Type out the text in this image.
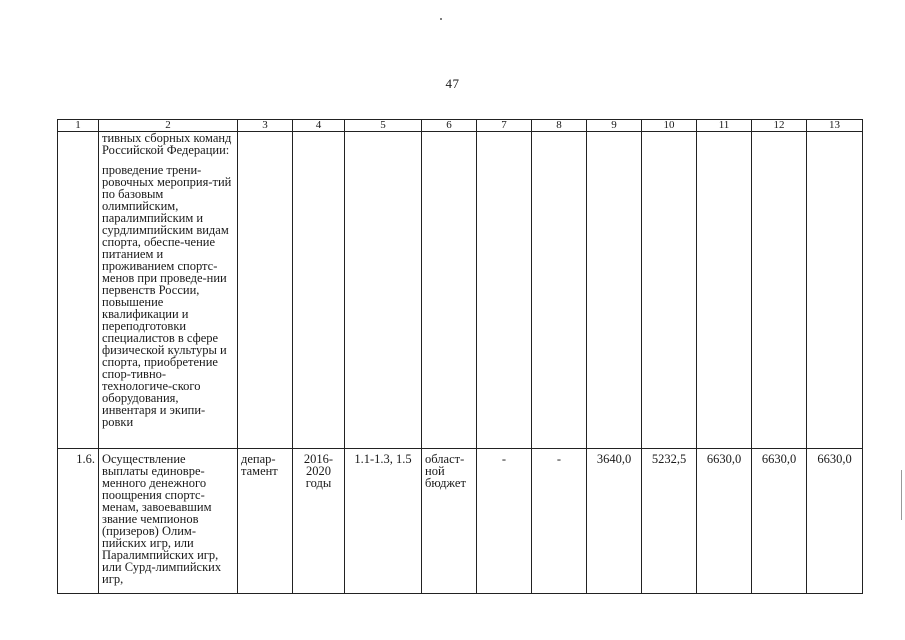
47
1	2	3	4	5	6	7	8	9	10	11	12	13

	тивных сборных команд Российской Федерации:

проведение трени-ровочных мероприя-тий по базовым олимпийским, паралимпийским и сурдлимпийским видам спорта, обеспе-чение питанием и проживанием спортс-менов при проведе-нии первенств России, повышение квалификации и переподготовки специалистов в сфере физической культуры и спорта, приобретение спор-тивно-технологиче-ского оборудования, инвентаря и экипи-ровки											

1.6.	Осуществление выплаты единовре-менного денежного поощрения спортс-менам, завоевавшим звание чемпионов (призеров) Олим-пийских игр, или Паралимпийских игр, или Сурд-лимпийских игр,	депар-тамент	2016-2020 годы	1.1-1.3, 1.5	област-ной бюджет	-	-	3640,0	5232,5	6630,0	6630,0	6630,0
